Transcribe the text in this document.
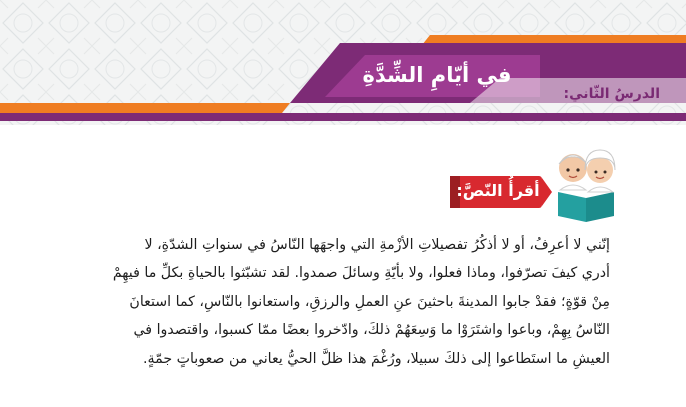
في أيّامِ الشِّدَّةِ
الدرسُ الثّاني:
أقرأُ النّصَّ:
إنّني لا أعرِفُ، أو لا أذكُرُ تفصيلاتِ الأزْمةِ التي واجهَها النّاسُ في سنواتِ الشدّةِ، لا
أدري كيفَ تصرّفوا، وماذا فعلوا، ولا بأيّةِ وسائلَ صمدوا. لقد تشبّثوا بالحياةِ بكلِّ ما فيهِمْ
مِنْ قوّةٍ؛ فقدْ جابوا المدينةَ باحثينَ عنِ العملِ والرزقِ، واستعانوا بالنّاسِ، كما استعانَ
النّاسُ بِهِمْ، وباعوا واشتَرَوْا ما وَسِعَهُمْ ذلكَ، وادّخروا بعضًا ممّا كسبوا، واقتصدوا في
العيشِ ما استَطاعوا إلى ذلكَ سبيلا، ورُغْمَ هذا ظلَّ الحيُّ يعاني من صعوباتٍ جمّةٍ.
